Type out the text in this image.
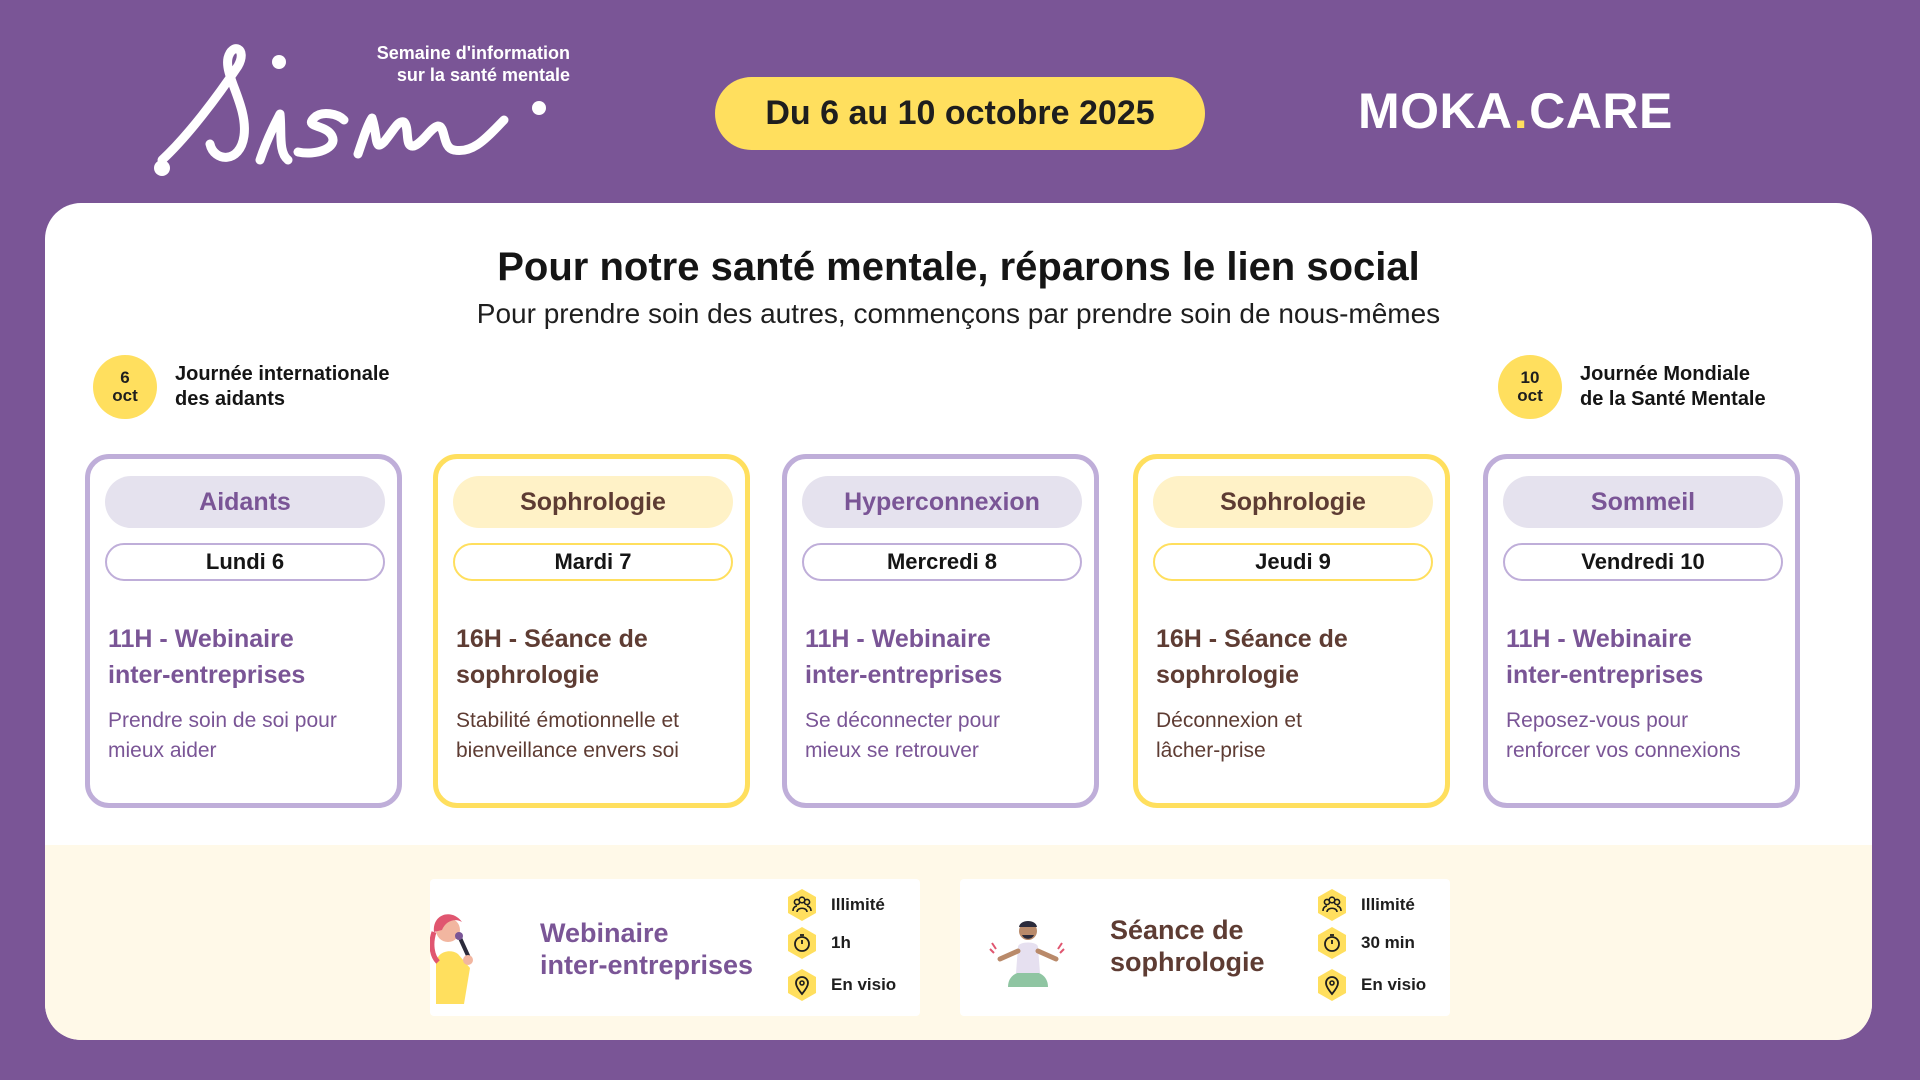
Semaine d'information
sur la santé mentale
Du 6 au 10 octobre 2025	MOKA . CARE
Pour notre santé mentale, réparons le lien social
Pour prendre soin des autres, commençons par prendre soin de nous-mêmes
6
oct
Journée internationale
des aidants
10
oct
Journée Mondiale
de la Santé Mentale
Aidants
Lundi 6
11H - Webinaire
inter-entreprises
Prendre soin de soi pour
mieux aider
Sophrologie
Mardi 7
16H - Séance de
sophrologie
Stabilité émotionnelle et
bienveillance envers soi
Hyperconnexion
Mercredi 8
11H - Webinaire
inter-entreprises
Se déconnecter pour
mieux se retrouver
Sophrologie
Jeudi 9
16H - Séance de
sophrologie
Déconnexion et
lâcher-prise
Sommeil
Vendredi 10
11H - Webinaire
inter-entreprises
Reposez-vous pour
renforcer vos connexions
Webinaire
inter-entreprises
Illimité
1h
En visio
Séance de
sophrologie
Illimité
30 min
En visio
